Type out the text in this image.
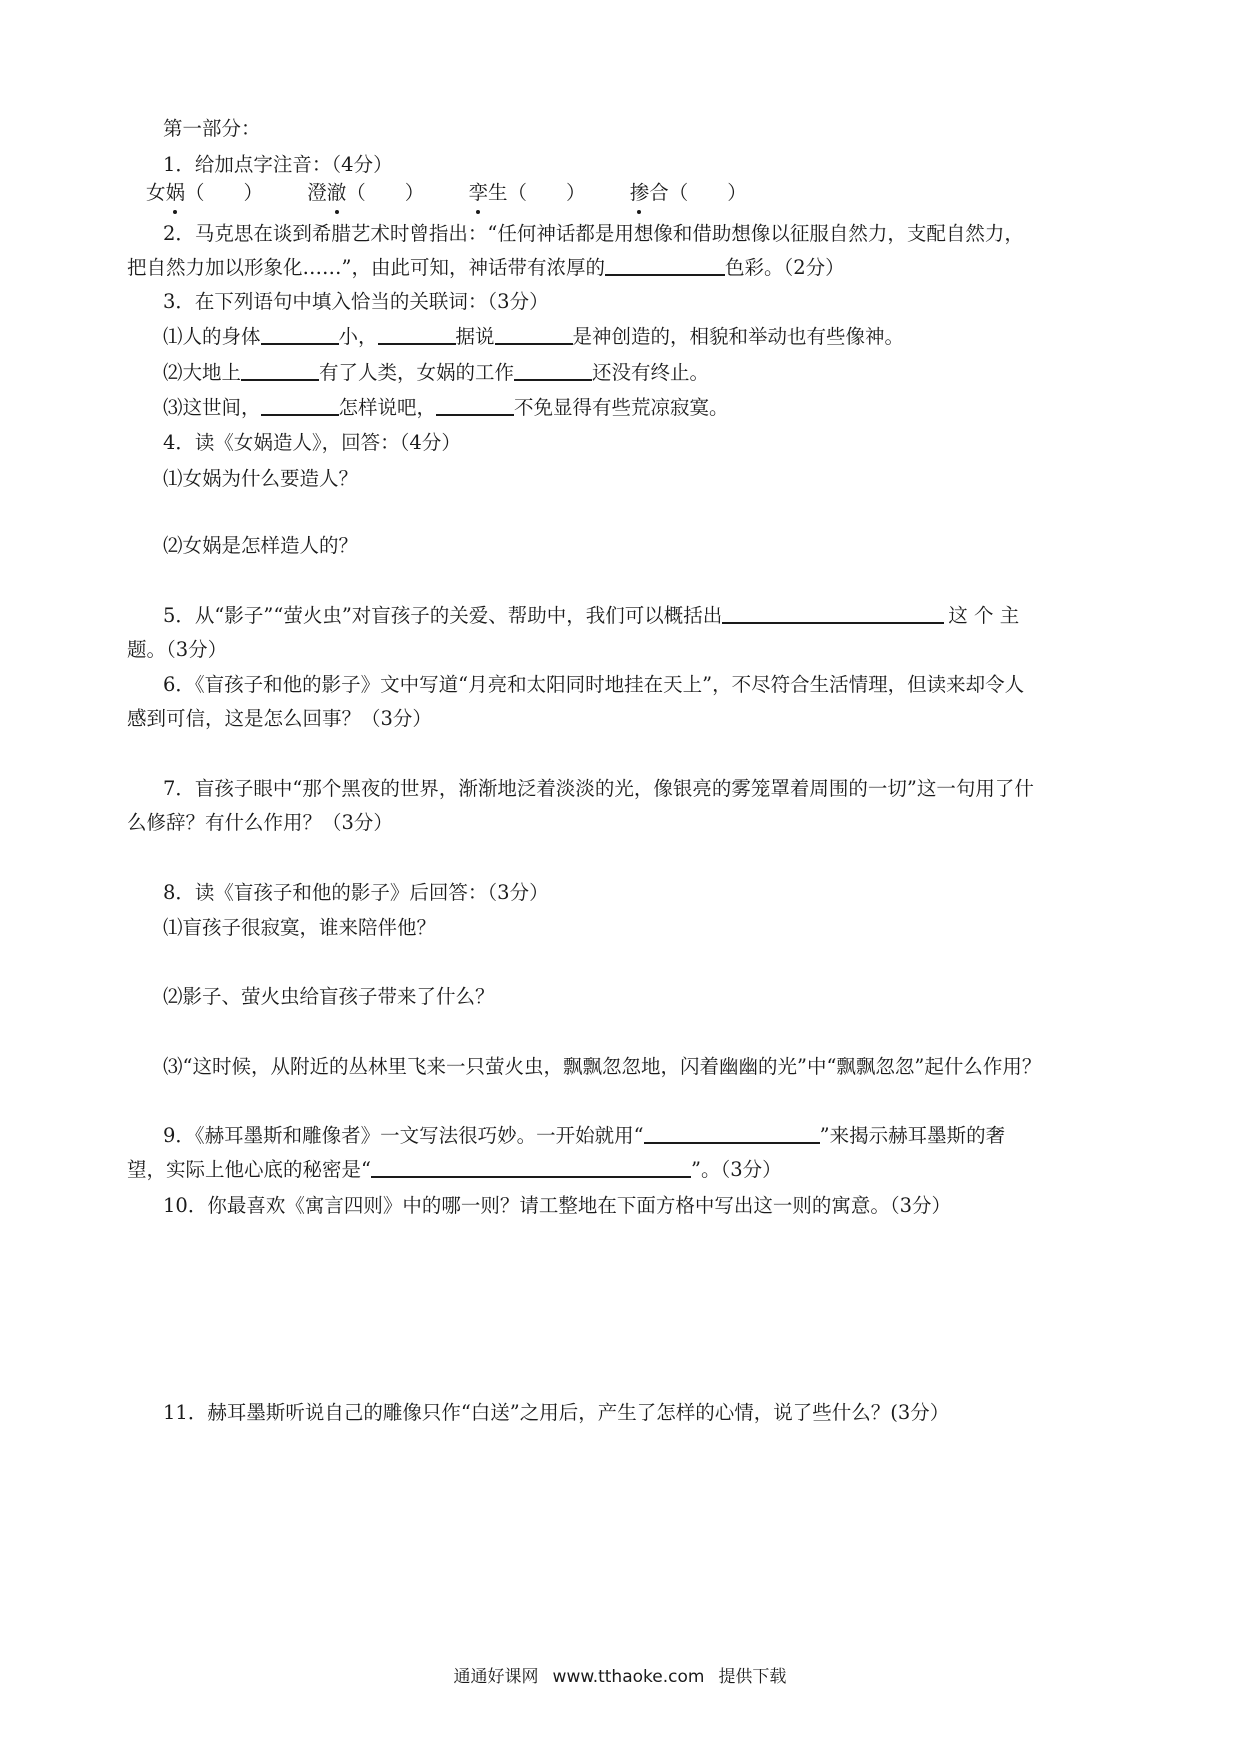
第一部分：
1．给加点字注音：（4分）
女娲（　　） 澄澈（　　） 孪生（　　） 掺合（　　）
2．马克思在谈到希腊艺术时曾指出：“任何神话都是用想像和借助想像以征服自然力，支配自然力，
把自然力加以形象化……”，由此可知，神话带有浓厚的	色彩。（2分）
3．在下列语句中填入恰当的关联词：（3分）
⑴人的身体	小，	据说	是神创造的，相貌和举动也有些像神。
⑵大地上	有了人类，女娲的工作	还没有终止。
⑶这世间，	怎样说吧，	不免显得有些荒凉寂寞。
4．读《女娲造人》，回答：（4分）
⑴女娲为什么要造人？
⑵女娲是怎样造人的？
5．从“影子”“萤火虫”对盲孩子的关爱、帮助中，我们可以概括出	这 个 主
题。（3分）
6．《盲孩子和他的影子》文中写道“月亮和太阳同时地挂在天上”，不尽符合生活情理，但读来却令人
感到可信，这是怎么回事？（3分）
7．盲孩子眼中“那个黑夜的世界，渐渐地泛着淡淡的光，像银亮的雾笼罩着周围的一切”这一句用了什
么修辞？有什么作用？（3分）
8．读《盲孩子和他的影子》后回答：（3分）
⑴盲孩子很寂寞，谁来陪伴他？
⑵影子、萤火虫给盲孩子带来了什么？
⑶“这时候，从附近的丛林里飞来一只萤火虫，飘飘忽忽地，闪着幽幽的光”中“飘飘忽忽”起什么作用？
9．《赫耳墨斯和雕像者》一文写法很巧妙。一开始就用“	”来揭示赫耳墨斯的奢
望，实际上他心底的秘密是“	”。（3分）
10．你最喜欢《寓言四则》中的哪一则？请工整地在下面方格中写出这一则的寓意。（3分）
11．赫耳墨斯听说自己的雕像只作“白送”之用后，产生了怎样的心情，说了些什么？(3分）
通通好课网 www.tthaoke.com 提供下载
